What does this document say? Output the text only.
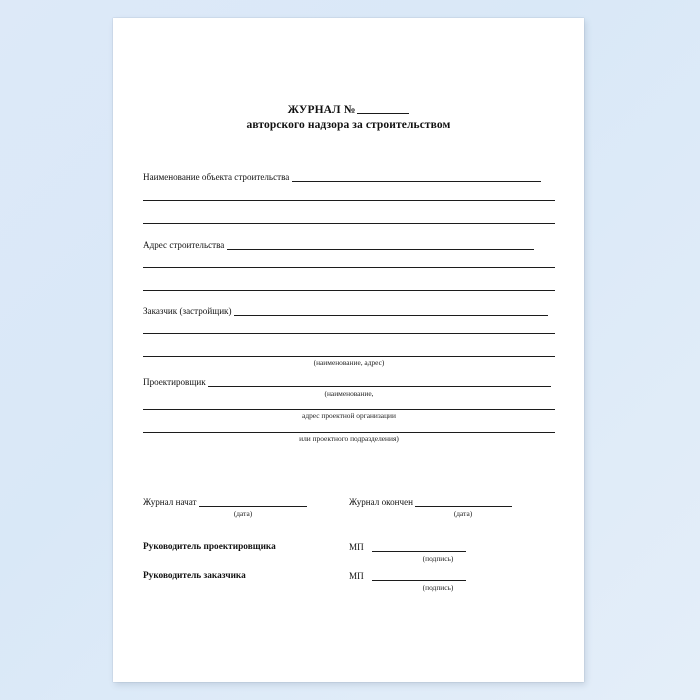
ЖУРНАЛ №
авторского надзора за строительством
Наименование объекта строительства
Адрес строительства
Заказчик (застройщик)
(наименование, адрес)
Проектировщик
(наименование,
адрес проектной организации
или проектного подразделения)
Журнал начат
(дата)
Журнал окончен
(дата)
Руководитель проектировщика	МП
(подпись)
Руководитель заказчика	МП
(подпись)
